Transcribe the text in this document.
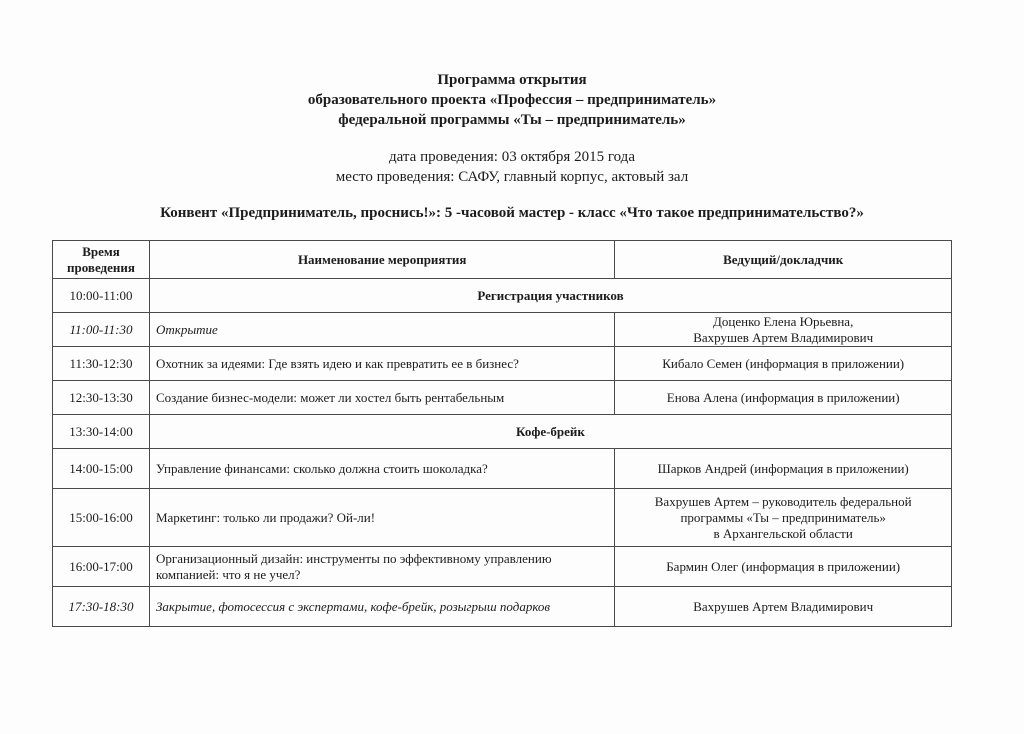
Программа открытия
образовательного проекта «Профессия – предприниматель»
федеральной программы «Ты – предприниматель»
дата проведения: 03 октября 2015 года
место проведения: САФУ, главный корпус, актовый зал
Конвент «Предприниматель, проснись!»: 5 -часовой мастер - класс «Что такое предпринимательство?»
Время
проведения	Наименование мероприятия	Ведущий/докладчик
10:00-11:00	Регистрация участников	
11:00-11:30	Открытие	Доценко Елена Юрьевна,
Вахрушев Артем Владимирович

11:30-12:30	Охотник за идеями: Где взять идею и как превратить ее в бизнес?	Кибало Семен (информация в приложении)
12:30-13:30	Создание бизнес-модели: может ли хостел быть рентабельным	Енова Алена (информация в приложении)
13:30-14:00	Кофе-брейк	
14:00-15:00	Управление финансами: сколько должна стоить шоколадка?	Шарков Андрей (информация в приложении)
15:00-16:00	Маркетинг: только ли продажи? Ой-ли!	Вахрушев Артем – руководитель федеральной
программы «Ты – предприниматель»
в Архангельской области

16:00-17:00	Организационный дизайн: инструменты по эффективному управлению
компанией: что я не учел?	Бармин Олег (информация в приложении)
17:30-18:30	Закрытие, фотосессия с экспертами, кофе-брейк, розыгрыш подарков	Вахрушев Артем Владимирович
